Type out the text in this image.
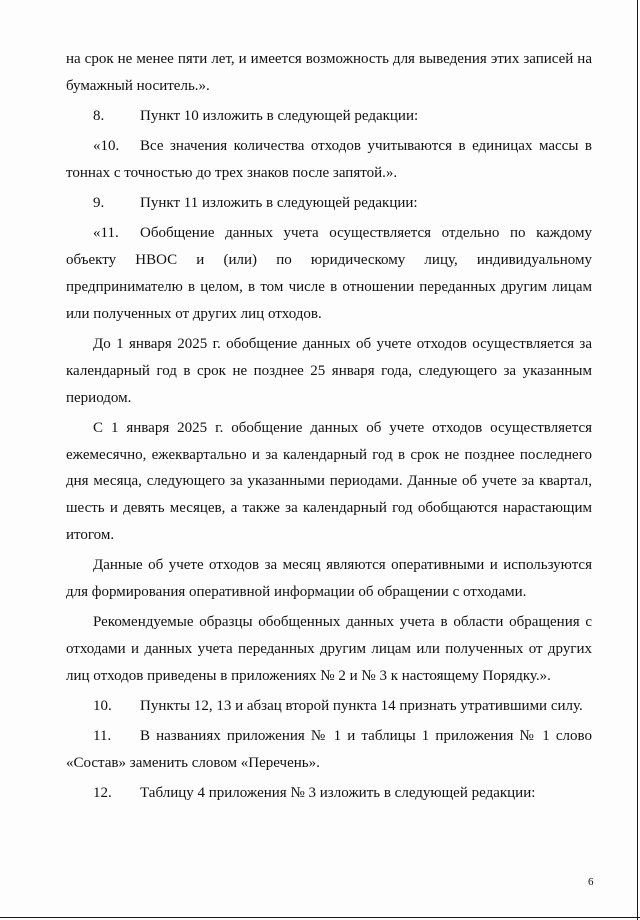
на срок не менее пяти лет, и имеется возможность для выведения этих записей на
бумажный носитель.».
8. Пункт 10 изложить в следующей редакции:
«10. Все значения количества отходов учитываются в единицах массы в
тоннах с точностью до трех знаков после запятой.».
9. Пункт 11 изложить в следующей редакции:
«11. Обобщение данных учета осуществляется отдельно по каждому
объекту НВОС и (или) по юридическому лицу, индивидуальному
предпринимателю в целом, в том числе в отношении переданных другим лицам
или полученных от других лиц отходов.
До 1 января 2025 г. обобщение данных об учете отходов осуществляется за
календарный год в срок не позднее 25 января года, следующего за указанным
периодом.
С 1 января 2025 г. обобщение данных об учете отходов осуществляется
ежемесячно, ежеквартально и за календарный год в срок не позднее последнего
дня месяца, следующего за указанными периодами. Данные об учете за квартал,
шесть и девять месяцев, а также за календарный год обобщаются нарастающим
итогом.
Данные об учете отходов за месяц являются оперативными и используются
для формирования оперативной информации об обращении с отходами.
Рекомендуемые образцы обобщенных данных учета в области обращения с
отходами и данных учета переданных другим лицам или полученных от других
лиц отходов приведены в приложениях № 2 и № 3 к настоящему Порядку.».
10. Пункты 12, 13 и абзац второй пункта 14 признать утратившими силу.
11. В названиях приложения № 1 и таблицы 1 приложения № 1 слово
«Состав» заменить словом «Перечень».
12. Таблицу 4 приложения № 3 изложить в следующей редакции:
6
